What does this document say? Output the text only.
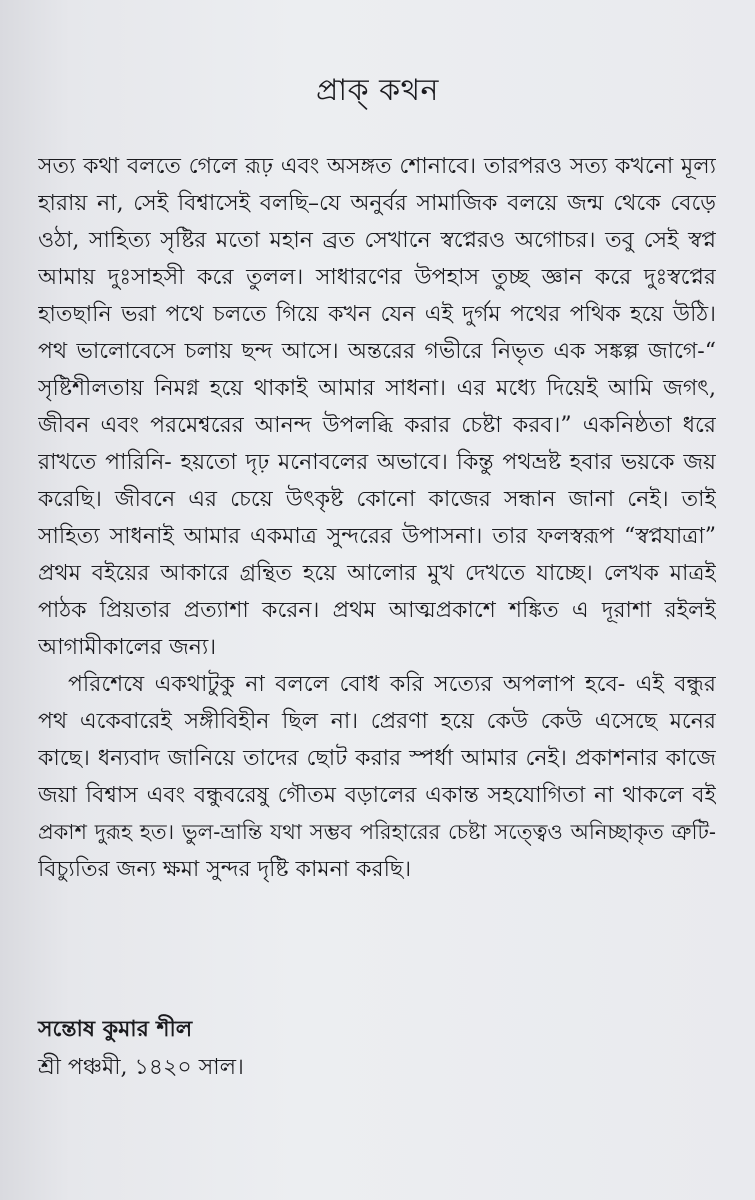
প্রাক্ কথন
সত্য কথা বলতে গেলে রূঢ় এবং অসঙ্গত শোনাবে। তারপরও সত্য কখনো মূল্য
হারায় না, সেই বিশ্বাসেই বলছি–যে অনুর্বর সামাজিক বলয়ে জন্ম থেকে বেড়ে
ওঠা, সাহিত্য সৃষ্টির মতো মহান ব্রত সেখানে স্বপ্নেরও অগোচর। তবু সেই স্বপ্ন
আমায় দুঃসাহসী করে তুলল। সাধারণের উপহাস তুচ্ছ জ্ঞান করে দুঃস্বপ্নের
হাতছানি ভরা পথে চলতে গিয়ে কখন যেন এই দুর্গম পথের পথিক হয়ে উঠি।
পথ ভালোবেসে চলায় ছন্দ আসে। অন্তরের গভীরে নিভৃত এক সঙ্কল্প জাগে-“
সৃষ্টিশীলতায় নিমগ্ন হয়ে থাকাই আমার সাধনা। এর মধ্যে দিয়েই আমি জগৎ,
জীবন এবং পরমেশ্বরের আনন্দ উপলব্ধি করার চেষ্টা করব।” একনিষ্ঠতা ধরে
রাখতে পারিনি- হয়তো দৃঢ় মনোবলের অভাবে। কিন্তু পথভ্রষ্ট হবার ভয়কে জয়
করেছি। জীবনে এর চেয়ে উৎকৃষ্ট কোনো কাজের সন্ধান জানা নেই। তাই
সাহিত্য সাধনাই আমার একমাত্র সুন্দরের উপাসনা। তার ফলস্বরূপ “স্বপ্নযাত্রা”
প্রথম বইয়ের আকারে গ্রন্থিত হয়ে আলোর মুখ দেখতে যাচ্ছে। লেখক মাত্রই
পাঠক প্রিয়তার প্রত্যাশা করেন। প্রথম আত্মপ্রকাশে শঙ্কিত এ দূরাশা রইলই
আগামীকালের জন্য।
পরিশেষে একথাটুকু না বললে বোধ করি সত্যের অপলাপ হবে- এই বন্ধুর
পথ একেবারেই সঙ্গীবিহীন ছিল না। প্রেরণা হয়ে কেউ কেউ এসেছে মনের
কাছে। ধন্যবাদ জানিয়ে তাদের ছোট করার স্পর্ধা আমার নেই। প্রকাশনার কাজে
জয়া বিশ্বাস এবং বন্ধুবরেষু গৌতম বড়ালের একান্ত সহযোগিতা না থাকলে বই
প্রকাশ দুরূহ হত। ভুল-ভ্রান্তি যথা সম্ভব পরিহারের চেষ্টা সত্ত্বেও অনিচ্ছাকৃত ত্রুটি-
বিচ্যুতির জন্য ক্ষমা সুন্দর দৃষ্টি কামনা করছি।
সন্তোষ কুমার শীল
শ্রী পঞ্চমী, ১৪২০ সাল।
